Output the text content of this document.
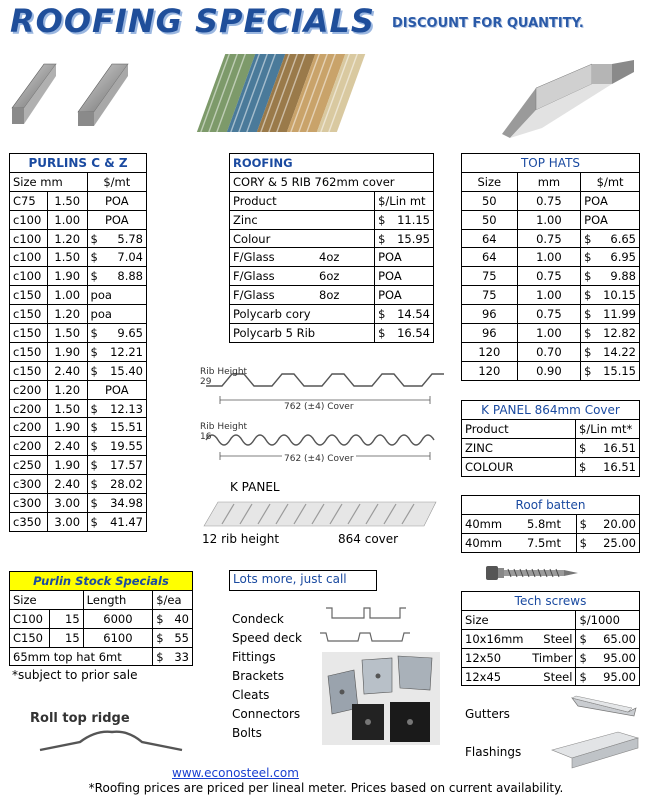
ROOFING SPECIALS DISCOUNT FOR QUANTITY.
PURLINS C & Z		
Size mm		$/mt
C75	1.50	POA
c100	1.00	POA
c100	1.20	$ 5.78

c100	1.50	$ 7.04

c100	1.90	$ 8.88

c150	1.00	poa
c150	1.20	poa
c150	1.50	$ 9.65

c150	1.90	$ 12.21

c150	2.40	$ 15.40

c200	1.20	POA
c200	1.50	$ 12.13

c200	1.90	$ 15.51

c200	2.40	$ 19.55

c250	1.90	$ 17.57

c300	2.40	$ 28.02

c300	3.00	$ 34.98

c350	3.00	$ 41.47
ROOFING	
CORY & 5 RIB 762mm cover	
Product	$/Lin mt

Zinc	$ 11.15

Colour	$ 15.95

F/Glass 4oz	POA

F/Glass 6oz	POA

F/Glass 8oz	POA

Polycarb cory	$ 14.54

Polycarb 5 Rib	$ 16.54
TOP HATS		
Size	mm	$/mt
50	0.75	POA
50	1.00	POA
64	0.75	$ 6.65

64	1.00	$ 6.95

75	0.75	$ 9.88

75	1.00	$ 10.15

96	0.75	$ 11.99

96	1.00	$ 12.82

120	0.70	$ 14.22

120	0.90	$ 15.15
K PANEL 864mm Cover	
Product	$/Lin mt*
ZINC	$ 16.51

COLOUR	$ 16.51
Roof batten	

40mm 5.8mt	$ 20.00

40mm 7.5mt	$ 25.00
Purlin Stock Specials			
Size		Length	$/ea
C100	15	6000	$ 40

C150	15	6100	$ 55

65mm top hat 6mt			$ 33
*subject to prior sale
Tech screws	
Size	$/1000

10x16mm Steel	$ 65.00

12x50 Timber	$ 95.00

12x45 Steel	$ 95.00
Rib Height
29
762 (±4) Cover
Rib Height
16
762 (±4) Cover
K PANEL
12 rib height	864 cover
Lots more, just call
Condeck
Speed deck
Fittings
Brackets
Cleats
Connectors
Bolts
Roll top ridge	Gutters
Flashings
www.econosteel.com
*Roofing prices are priced per lineal meter. Prices based on current availability.
